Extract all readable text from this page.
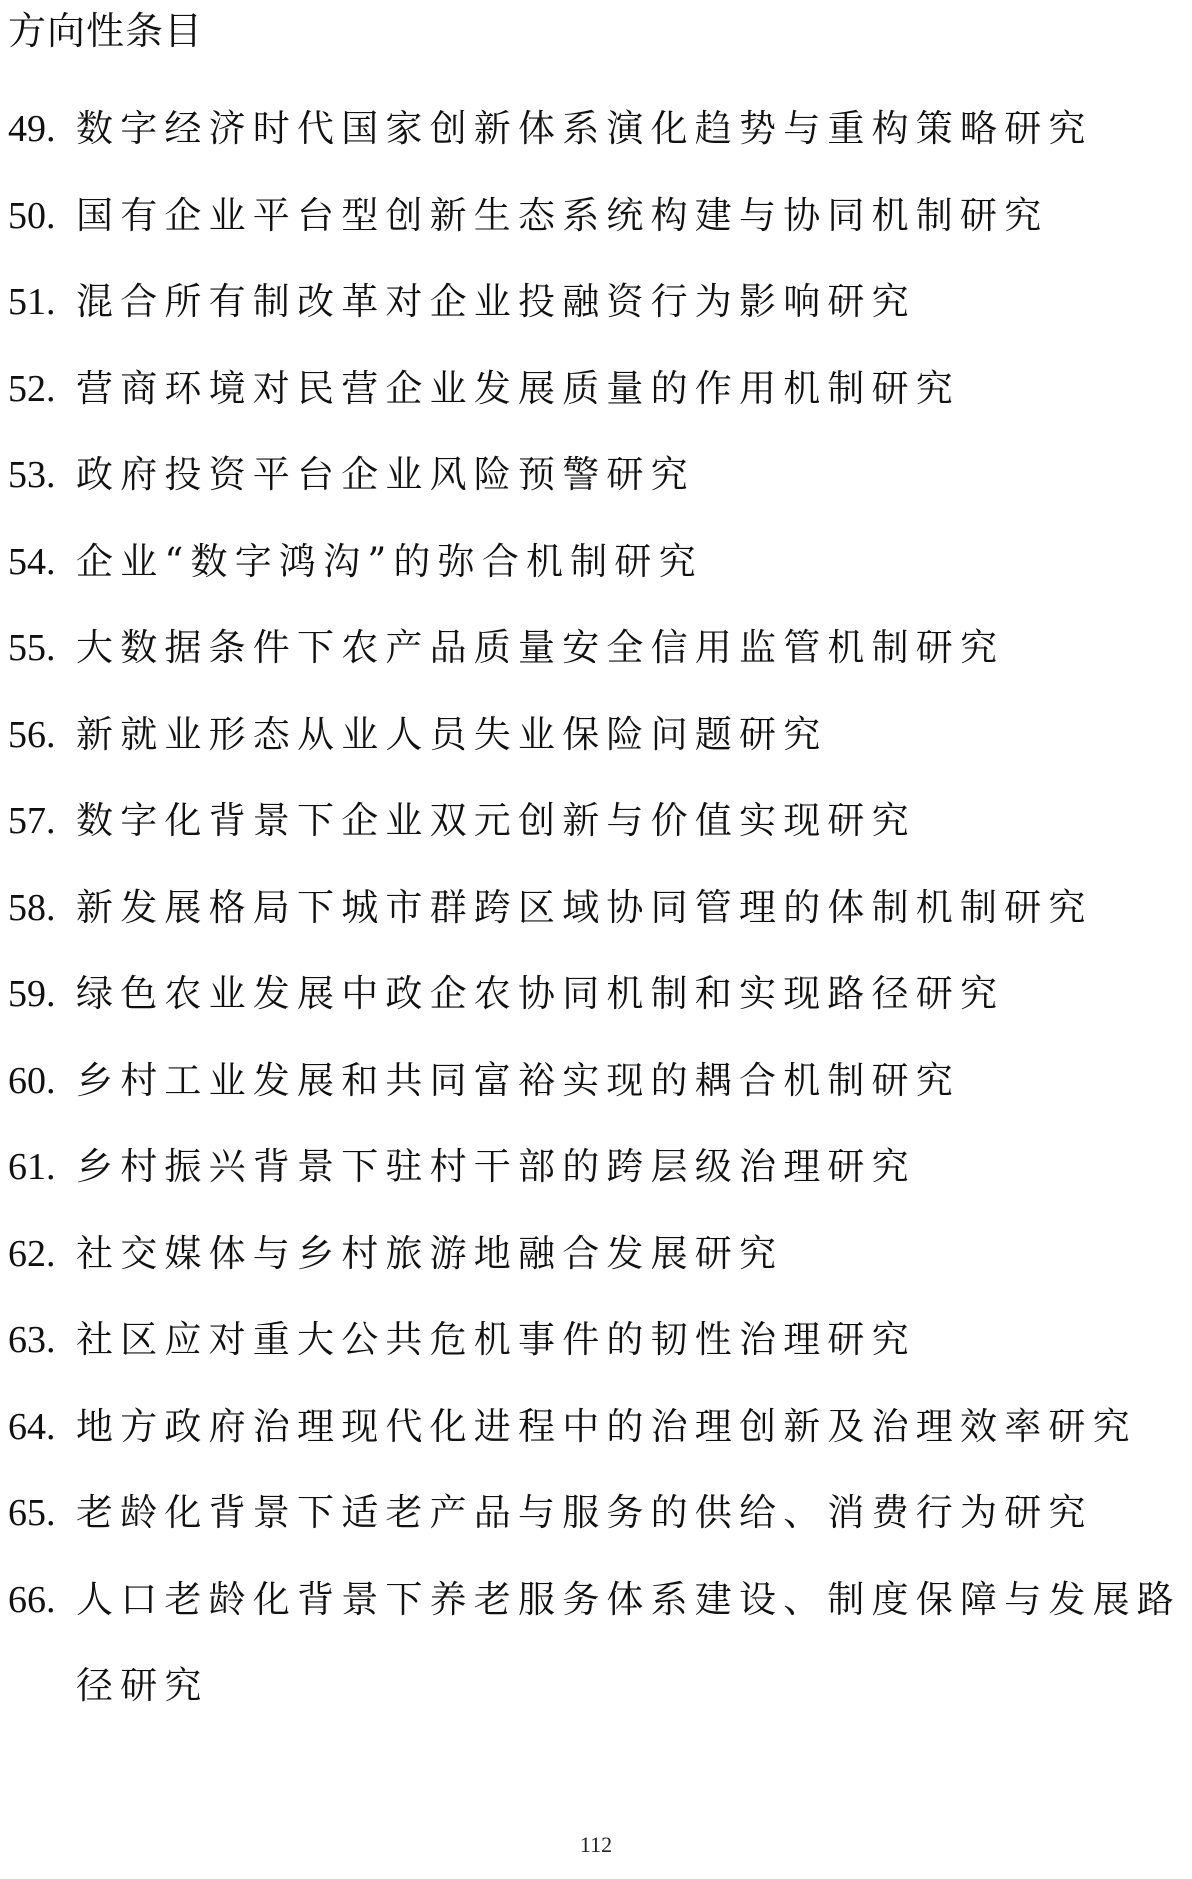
方向性条目
49. 数字经济时代国家创新体系演化趋势与重构策略研究
50. 国有企业平台型创新生态系统构建与协同机制研究
51. 混合所有制改革对企业投融资行为影响研究
52. 营商环境对民营企业发展质量的作用机制研究
53. 政府投资平台企业风险预警研究
54. 企业“数字鸿沟”的弥合机制研究
55. 大数据条件下农产品质量安全信用监管机制研究
56. 新就业形态从业人员失业保险问题研究
57. 数字化背景下企业双元创新与价值实现研究
58. 新发展格局下城市群跨区域协同管理的体制机制研究
59. 绿色农业发展中政企农协同机制和实现路径研究
60. 乡村工业发展和共同富裕实现的耦合机制研究
61. 乡村振兴背景下驻村干部的跨层级治理研究
62. 社交媒体与乡村旅游地融合发展研究
63. 社区应对重大公共危机事件的韧性治理研究
64. 地方政府治理现代化进程中的治理创新及治理效率研究
65. 老龄化背景下适老产品与服务的供给、消费行为研究
66. 人口老龄化背景下养老服务体系建设、制度保障与发展路径研究
112
